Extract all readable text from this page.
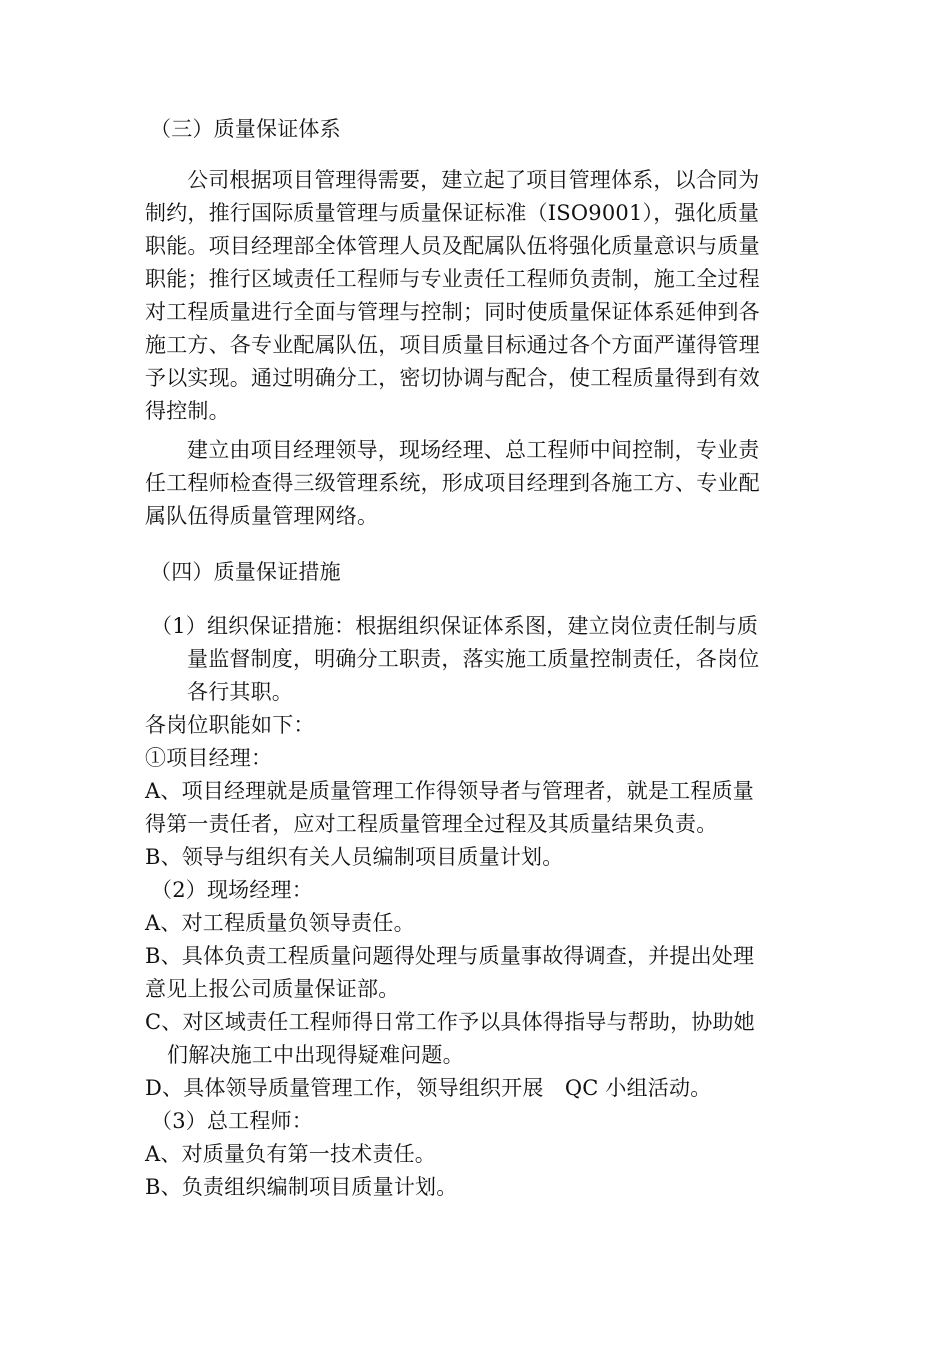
（三）质量保证体系
公司根据项目管理得需要，建立起了项目管理体系，以合同为
制约，推行国际质量管理与质量保证标准（ISO9001），强化质量
职能。项目经理部全体管理人员及配属队伍将强化质量意识与质量
职能；推行区域责任工程师与专业责任工程师负责制，施工全过程
对工程质量进行全面与管理与控制；同时使质量保证体系延伸到各
施工方、各专业配属队伍，项目质量目标通过各个方面严谨得管理
予以实现。通过明确分工，密切协调与配合，使工程质量得到有效
得控制。
建立由项目经理领导，现场经理、总工程师中间控制，专业责
任工程师检查得三级管理系统，形成项目经理到各施工方、专业配
属队伍得质量管理网络。
（四）质量保证措施
（1）组织保证措施：根据组织保证体系图，建立岗位责任制与质
量监督制度，明确分工职责，落实施工质量控制责任，各岗位
各行其职。
各岗位职能如下：
①项目经理：
A、项目经理就是质量管理工作得领导者与管理者，就是工程质量
得第一责任者，应对工程质量管理全过程及其质量结果负责。
B、领导与组织有关人员编制项目质量计划。
（2）现场经理：
A、对工程质量负领导责任。
B、具体负责工程质量问题得处理与质量事故得调查，并提出处理
意见上报公司质量保证部。
C、对区域责任工程师得日常工作予以具体得指导与帮助，协助她
们解决施工中出现得疑难问题。
D、具体领导质量管理工作，领导组织开展　QC 小组活动。
（3）总工程师：
A、对质量负有第一技术责任。
B、负责组织编制项目质量计划。
